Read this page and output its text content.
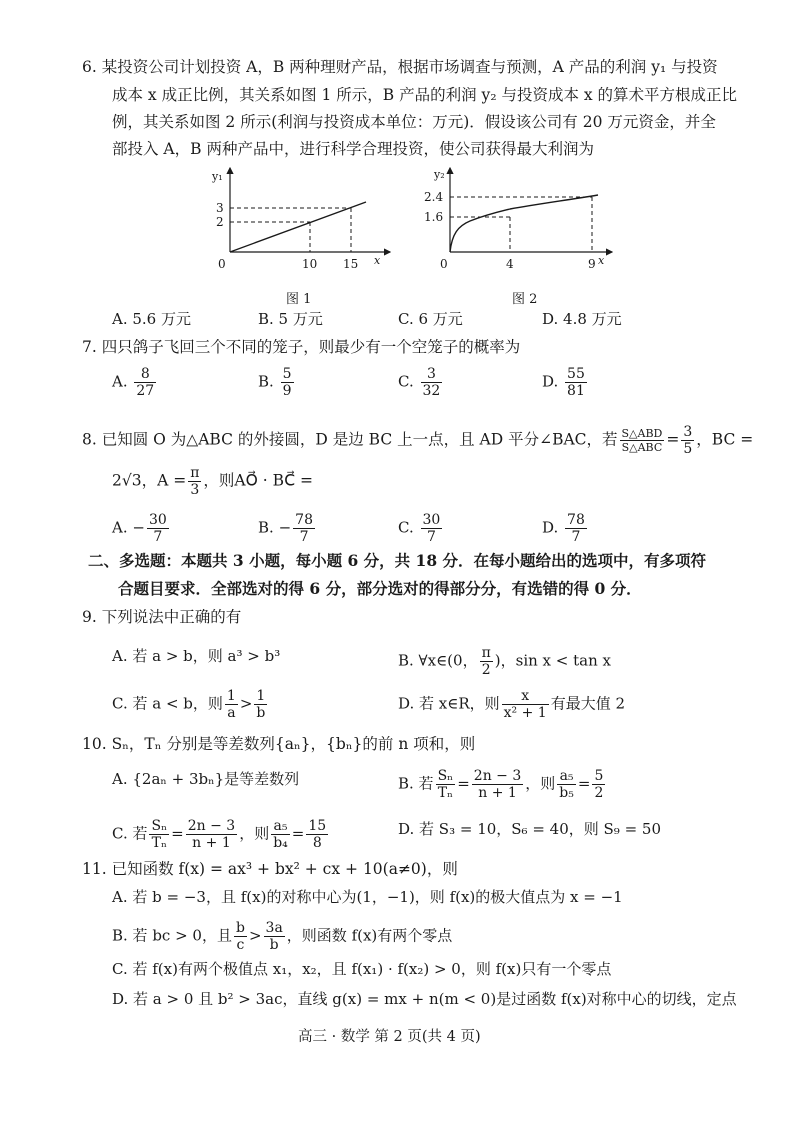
6. 某投资公司计划投资 A，B 两种理财产品，根据市场调查与预测，A 产品的利润 y₁ 与投资
成本 x 成正比例，其关系如图 1 所示，B 产品的利润 y₂ 与投资成本 x 的算术平方根成正比
例，其关系如图 2 所示(利润与投资成本单位：万元)．假设该公司有 20 万元资金，并全
部投入 A，B 两种产品中，进行科学合理投资，使公司获得最大利润为
y₁
3
2
0	10 15 x
图 1
y₂
2.4
1.6
0	4	9 x
图 2
A. 5.6 万元	B. 5 万元	C. 6 万元	D. 4.8 万元
7. 四只鸽子飞回三个不同的笼子，则最少有一个空笼子的概率为
A. $\frac{8}{27}$	B. $\frac{5}{9}$	C. $\frac{3}{32}$	D. $\frac{55}{81}$
8. 已知圆 O 为△ABC 的外接圆，D 是边 BC 上一点，且 AD 平分∠BAC，若 $\frac{\text{S△ABD}}{\text{S△ABC}} = \frac{3}{5}$ ，BC =
2√3，$A = \frac{\pi}{3}$ ，则AO⃗ · BC⃗ =
A. − $\frac{30}{7}$	B. − $\frac{78}{7}$	C. $\frac{30}{7}$	D. $\frac{78}{7}$
二、多选题：本题共 3 小题，每小题 6 分，共 18 分．在每小题给出的选项中，有多项符
合题目要求．全部选对的得 6 分，部分选对的得部分分，有选错的得 0 分．
9. 下列说法中正确的有
A. 若 a > b，则 a³ > b³	B. ∀x∈(0， $\frac{\pi}{2}$ )，sin x < tan x
C. 若 a < b，则 $\frac{1}{a} > \frac{1}{b}$	D. 若 x∈R，则 $\frac{x}{\text{x² + 1}}$ 有最大值 2
10. Sₙ，Tₙ 分别是等差数列{aₙ}，{bₙ}的前 n 项和，则
A. {2aₙ + 3bₙ}是等差数列	B. 若 $\frac{\text{Sₙ}}{\text{Tₙ}} = \frac{2n - 3}{n + 1}$ ，则 $\frac{\text{a₅}}{\text{b₅}} = \frac{5}{2}$
C. 若 $\frac{\text{Sₙ}}{\text{Tₙ}} = \frac{2n - 3}{n + 1}$ ，则 $\frac{\text{a₅}}{\text{b₄}} = \frac{15}{8}$	D. 若 S₃ = 10，S₆ = 40，则 S₉ = 50
11. 已知函数 f(x) = ax³ + bx² + cx + 10(a≠0)，则
A. 若 b = −3，且 f(x)的对称中心为(1，−1)，则 f(x)的极大值点为 x = −1
B. 若 bc > 0，且 $\frac{b}{c} > \frac{3a}{b}$ ，则函数 f(x)有两个零点
C. 若 f(x)有两个极值点 x₁，x₂，且 f(x₁) · f(x₂) > 0，则 f(x)只有一个零点
D. 若 a > 0 且 b² > 3ac，直线 g(x) = mx + n(m < 0)是过函数 f(x)对称中心的切线，定点
高三 · 数学 第 2 页(共 4 页)
